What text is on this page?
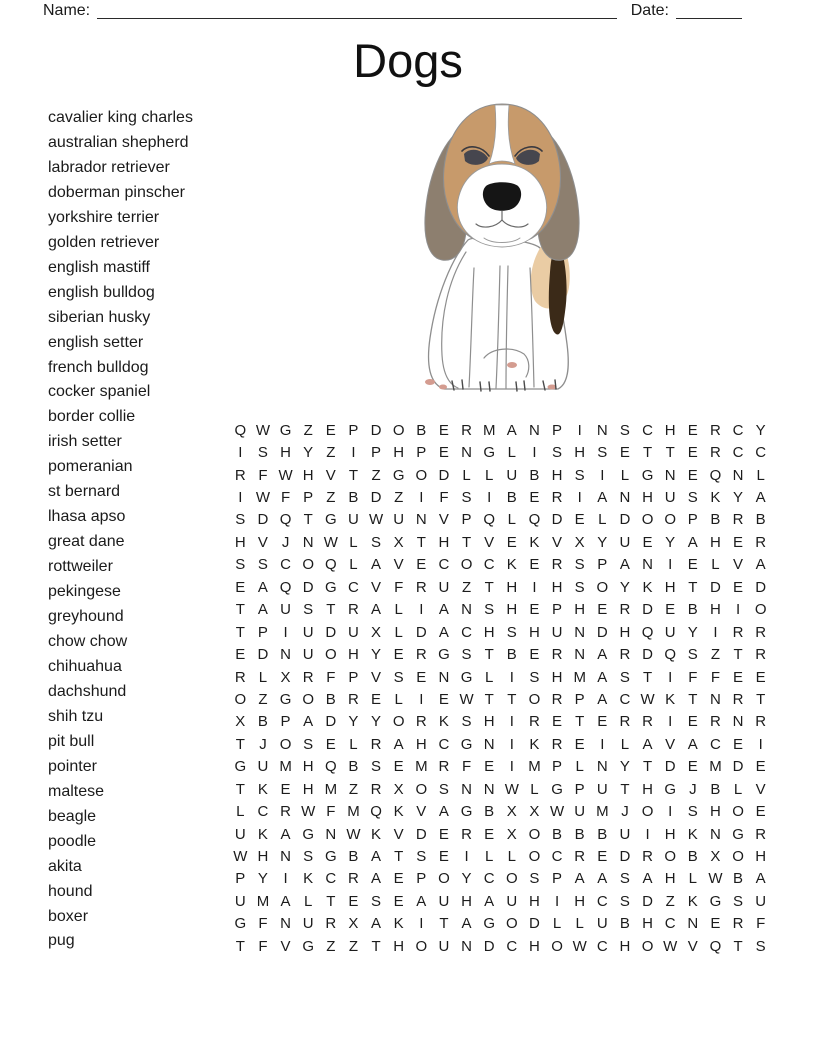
Name:	Date:
Dogs
cavalier king charles
australian shepherd
labrador retriever
doberman pinscher
yorkshire terrier
golden retriever
english mastiff
english bulldog
siberian husky
english setter
french bulldog
cocker spaniel
border collie
irish setter
pomeranian
st bernard
lhasa apso
great dane
rottweiler
pekingese
greyhound
chow chow
chihuahua
dachshund
shih tzu
pit bull
pointer
maltese
beagle
poodle
akita
hound
boxer
pug
Q W G Z E P D O B E R M A N P	I	N S C H E R C Y
I	S H Y Z	I	P H P E N G L	I	S H S E T T E R C C
R F W H V T Z G O D L L U B H S	I	L G N E Q N L
I W F P Z B D Z	I	F S	I	B E R	I	A N H U S K Y A
S D Q T G U W U N V P Q L Q D E L D O O P B R B
H V J N W L S X T H T V E K V X Y U E Y A H E R
S S C O Q L A V E C O C K E R S P A N	I	E L V A
E A Q D G C V F R U Z T H	I	H S O Y K H T D E D
T A U S T R A L	I	A N S H E P H E R D E B H	I O
T P	I	U D U X L D A C H S H U N D H Q U Y	I	R R
E D N U O H Y E R G S T B E R N A R D Q S Z T R
R L X R F P V S E N G L	I	S H M A S T	I	F F E E
O Z G O B R E L	I	E W T T O R P A C W K T N R T
X B P A D Y Y O R K S H	I	R E T E R R	I	E R N R
T J O S E L R A H C G N	I	K R E	I	L A V A C E	I
G U M H Q B S E M R F E	I M P L N Y T D E M D E
T K E H M Z R X O S N N W L G P U T H G J B L V
L C R W F M Q K V A G B X X W U M J O I	S H O E
U K A G N W K V D E R E X O B B B U	I	H K N G R
W H N S G B A T S E	I	L L O C R E D R O B X O H
P Y	I	K C R A E P O Y C O S P A A S A H L W B A
U M A L T E S E A U H A U H	I	H C S D Z K G S U
G F N U R X A K	I	T A G O D L L U B H C N E R F
T F V G Z Z T H O U N D C H O W C H O W V Q T S
